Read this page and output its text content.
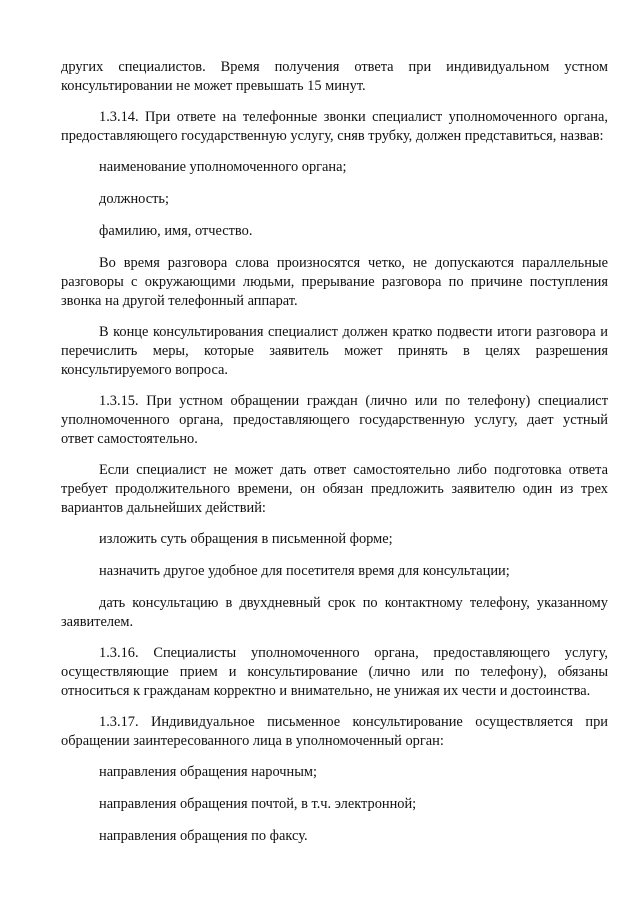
других специалистов. Время получения ответа при индивидуальном устном консультировании не может превышать 15 минут.

1.3.14. При ответе на телефонные звонки специалист уполномоченного органа, предоставляющего государственную услугу, сняв трубку, должен представиться, назвав:

наименование уполномоченного органа;

должность;

фамилию, имя, отчество.

Во время разговора слова произносятся четко, не допускаются параллельные разговоры с окружающими людьми, прерывание разговора по причине поступления звонка на другой телефонный аппарат.

В конце консультирования специалист должен кратко подвести итоги разговора и перечислить меры, которые заявитель может принять в целях разрешения консультируемого вопроса.

1.3.15. При устном обращении граждан (лично или по телефону) специалист уполномоченного органа, предоставляющего государственную услугу, дает устный ответ самостоятельно.

Если специалист не может дать ответ самостоятельно либо подготовка ответа требует продолжительного времени, он обязан предложить заявителю один из трех вариантов дальнейших действий:

изложить суть обращения в письменной форме;

назначить другое удобное для посетителя время для консультации;

дать консультацию в двухдневный срок по контактному телефону, указанному заявителем.

1.3.16. Специалисты уполномоченного органа, предоставляющего услугу, осуществляющие прием и консультирование (лично или по телефону), обязаны относиться к гражданам корректно и внимательно, не унижая их чести и достоинства.

1.3.17. Индивидуальное письменное консультирование осуществляется при обращении заинтересованного лица в уполномоченный орган:

направления обращения нарочным;

направления обращения почтой, в т.ч. электронной;

направления обращения по факсу.
